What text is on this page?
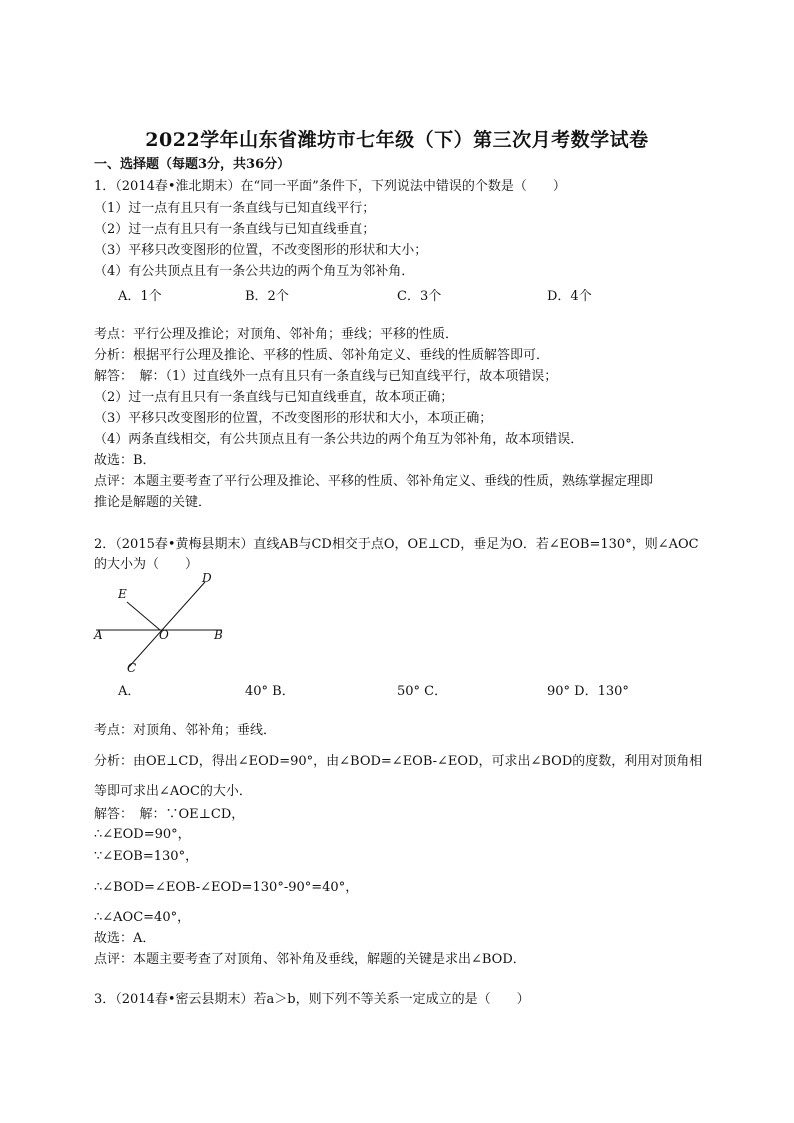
2022学年山东省潍坊市七年级（下）第三次月考数学试卷
一、选择题（每题3分，共36分）
1．（2014春•淮北期末）在“同一平面”条件下，下列说法中错误的个数是（　　）
（1）过一点有且只有一条直线与已知直线平行；
（2）过一点有且只有一条直线与已知直线垂直；
（3）平移只改变图形的位置，不改变图形的形状和大小；
（4）有公共顶点且有一条公共边的两个角互为邻补角．
A．1个	B．2个	C．3个	D．4个
考点：平行公理及推论；对顶角、邻补角；垂线；平移的性质．
分析：根据平行公理及推论、平移的性质、邻补角定义、垂线的性质解答即可．
解答：　解：（1）过直线外一点有且只有一条直线与已知直线平行，故本项错误；
（2）过一点有且只有一条直线与已知直线垂直，故本项正确；
（3）平移只改变图形的位置，不改变图形的形状和大小，本项正确；
（4）两条直线相交，有公共顶点且有一条公共边的两个角互为邻补角，故本项错误．
故选：B．
点评：本题主要考查了平行公理及推论、平移的性质、邻补角定义、垂线的性质，熟练掌握定理即
推论是解题的关键．
2．（2015春•黄梅县期末）直线AB与CD相交于点O，OE⊥CD，垂足为O．若∠EOB=130°，则∠AOC
的大小为（　　）
D
E
A	O	B
C
A．	40° B．	50° C．	90° D．130°
考点：对顶角、邻补角；垂线．
分析：由OE⊥CD，得出∠EOD=90°，由∠BOD=∠EOB-∠EOD，可求出∠BOD的度数，利用对顶角相
等即可求出∠AOC的大小．
解答：　解：∵OE⊥CD，
∴∠EOD=90°，
∵∠EOB=130°，
∴∠BOD=∠EOB-∠EOD=130°-90°=40°，
∴∠AOC=40°，
故选：A．
点评：本题主要考查了对顶角、邻补角及垂线，解题的关键是求出∠BOD．
3．（2014春•密云县期末）若a＞b，则下列不等关系一定成立的是（　　）
